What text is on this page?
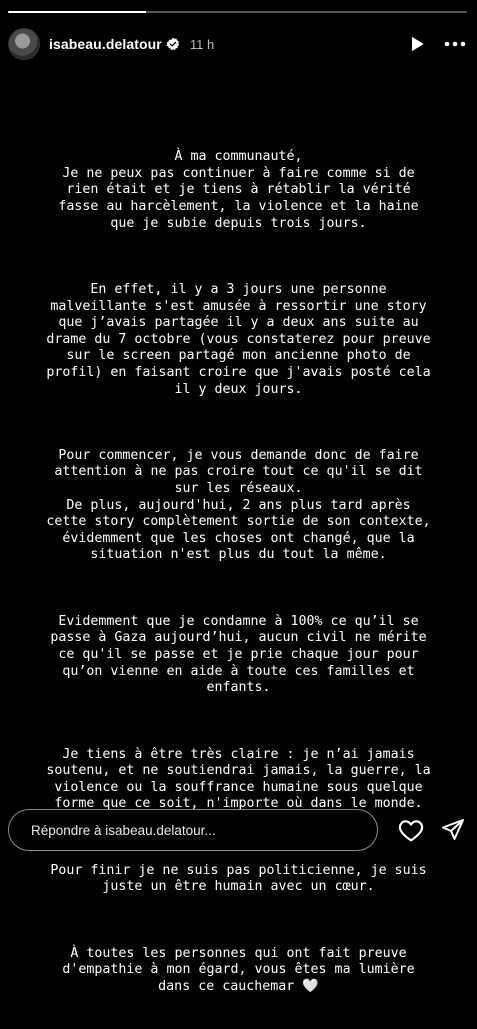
isabeau.delatour 11 h

À ma communauté,
Je ne peux pas continuer à faire comme si de
rien était et je tiens à rétablir la vérité
fasse au harcèlement, la violence et la haine
que je subie depuis trois jours.

En effet, il y a 3 jours une personne
malveillante s'est amusée à ressortir une story
que j’avais partagée il y a deux ans suite au
drame du 7 octobre (vous constaterez pour preuve
sur le screen partagé mon ancienne photo de
profil) en faisant croire que j'avais posté cela
il y deux jours.

Pour commencer, je vous demande donc de faire
attention à ne pas croire tout ce qu'il se dit
sur les réseaux.
De plus, aujourd'hui, 2 ans plus tard après
cette story complètement sortie de son contexte,
évidemment que les choses ont changé, que la
situation n'est plus du tout la même.

Evidemment que je condamne à 100% ce qu’il se
passe à Gaza aujourd’hui, aucun civil ne mérite
ce qu'il se passe et je prie chaque jour pour
qu’on vienne en aide à toute ces familles et
enfants.

Je tiens à être très claire : je n’ai jamais
soutenu, et ne soutiendrai jamais, la guerre, la
violence ou la souffrance humaine sous quelque
forme que ce soit, n'importe où dans le monde.

Pour finir je ne suis pas politicienne, je suis
juste un être humain avec un cœur.

À toutes les personnes qui ont fait preuve
d'empathie à mon égard, vous êtes ma lumière
dans ce cauchemar 🤍

Répondre à isabeau.delatour...
